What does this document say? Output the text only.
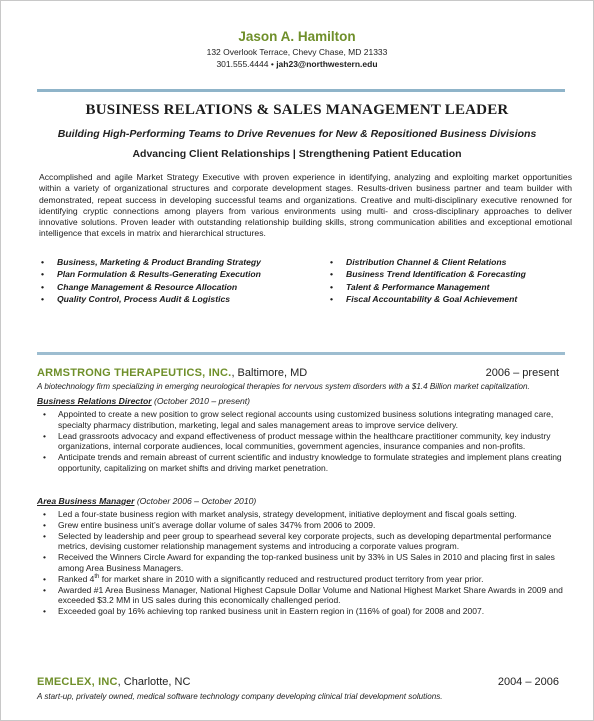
Jason A. Hamilton
132 Overlook Terrace, Chevy Chase, MD 21333
301.555.4444 • jah23@northwestern.edu
BUSINESS RELATIONS & SALES MANAGEMENT LEADER
Building High-Performing Teams to Drive Revenues for New & Repositioned Business Divisions
Advancing Client Relationships | Strengthening Patient Education
Accomplished and agile Market Strategy Executive with proven experience in identifying, analyzing and exploiting market opportunities within a variety of organizational structures and corporate development stages. Results-driven business partner and team builder with demonstrated, repeat success in developing successful teams and organizations. Creative and multi-disciplinary executive renowned for identifying cryptic connections among players from various environments using multi- and cross-disciplinary approaches to deliver innovative solutions. Proven leader with outstanding relationship building skills, strong communication abilities and exceptional emotional intelligence that excels in matrix and hierarchical structures.
• Business, Marketing & Product Branding Strategy
• Plan Formulation & Results-Generating Execution
• Change Management & Resource Allocation
• Quality Control, Process Audit & Logistics
• Distribution Channel & Client Relations
• Business Trend Identification & Forecasting
• Talent & Performance Management
• Fiscal Accountability & Goal Achievement
ARMSTRONG THERAPEUTICS, INC., Baltimore, MD	2006 – present
A biotechnology firm specializing in emerging neurological therapies for nervous system disorders with a $1.4 Billion market capitalization.
Business Relations Director (October 2010 – present)
• Appointed to create a new position to grow select regional accounts using customized business solutions integrating managed care, specialty pharmacy distribution, marketing, legal and sales management areas to improve service delivery.
• Lead grassroots advocacy and expand effectiveness of product message within the healthcare practitioner community, key industry organizations, internal corporate audiences, local communities, government agencies, insurance companies and non-profits.
• Anticipate trends and remain abreast of current scientific and industry knowledge to formulate strategies and implement plans creating opportunity, capitalizing on market shifts and driving market penetration.
Area Business Manager (October 2006 – October 2010)
• Led a four-state business region with market analysis, strategy development, initiative deployment and fiscal goals setting.
• Grew entire business unit’s average dollar volume of sales 347% from 2006 to 2009.
• Selected by leadership and peer group to spearhead several key corporate projects, such as developing departmental performance metrics, devising customer relationship management systems and introducing a corporate values program.
• Received the Winners Circle Award for expanding the top-ranked business unit by 33% in US Sales in 2010 and placing first in sales among Area Business Managers.
• Ranked 4th for market share in 2010 with a significantly reduced and restructured product territory from year prior.
• Awarded #1 Area Business Manager, National Highest Capsule Dollar Volume and National Highest Market Share Awards in 2009 and exceeded $3.2 MM in US sales during this economically challenged period.
• Exceeded goal by 16% achieving top ranked business unit in Eastern region in (116% of goal) for 2008 and 2007.
EMECLEX, INC, Charlotte, NC	2004 – 2006
A start-up, privately owned, medical software technology company developing clinical trial development solutions.
